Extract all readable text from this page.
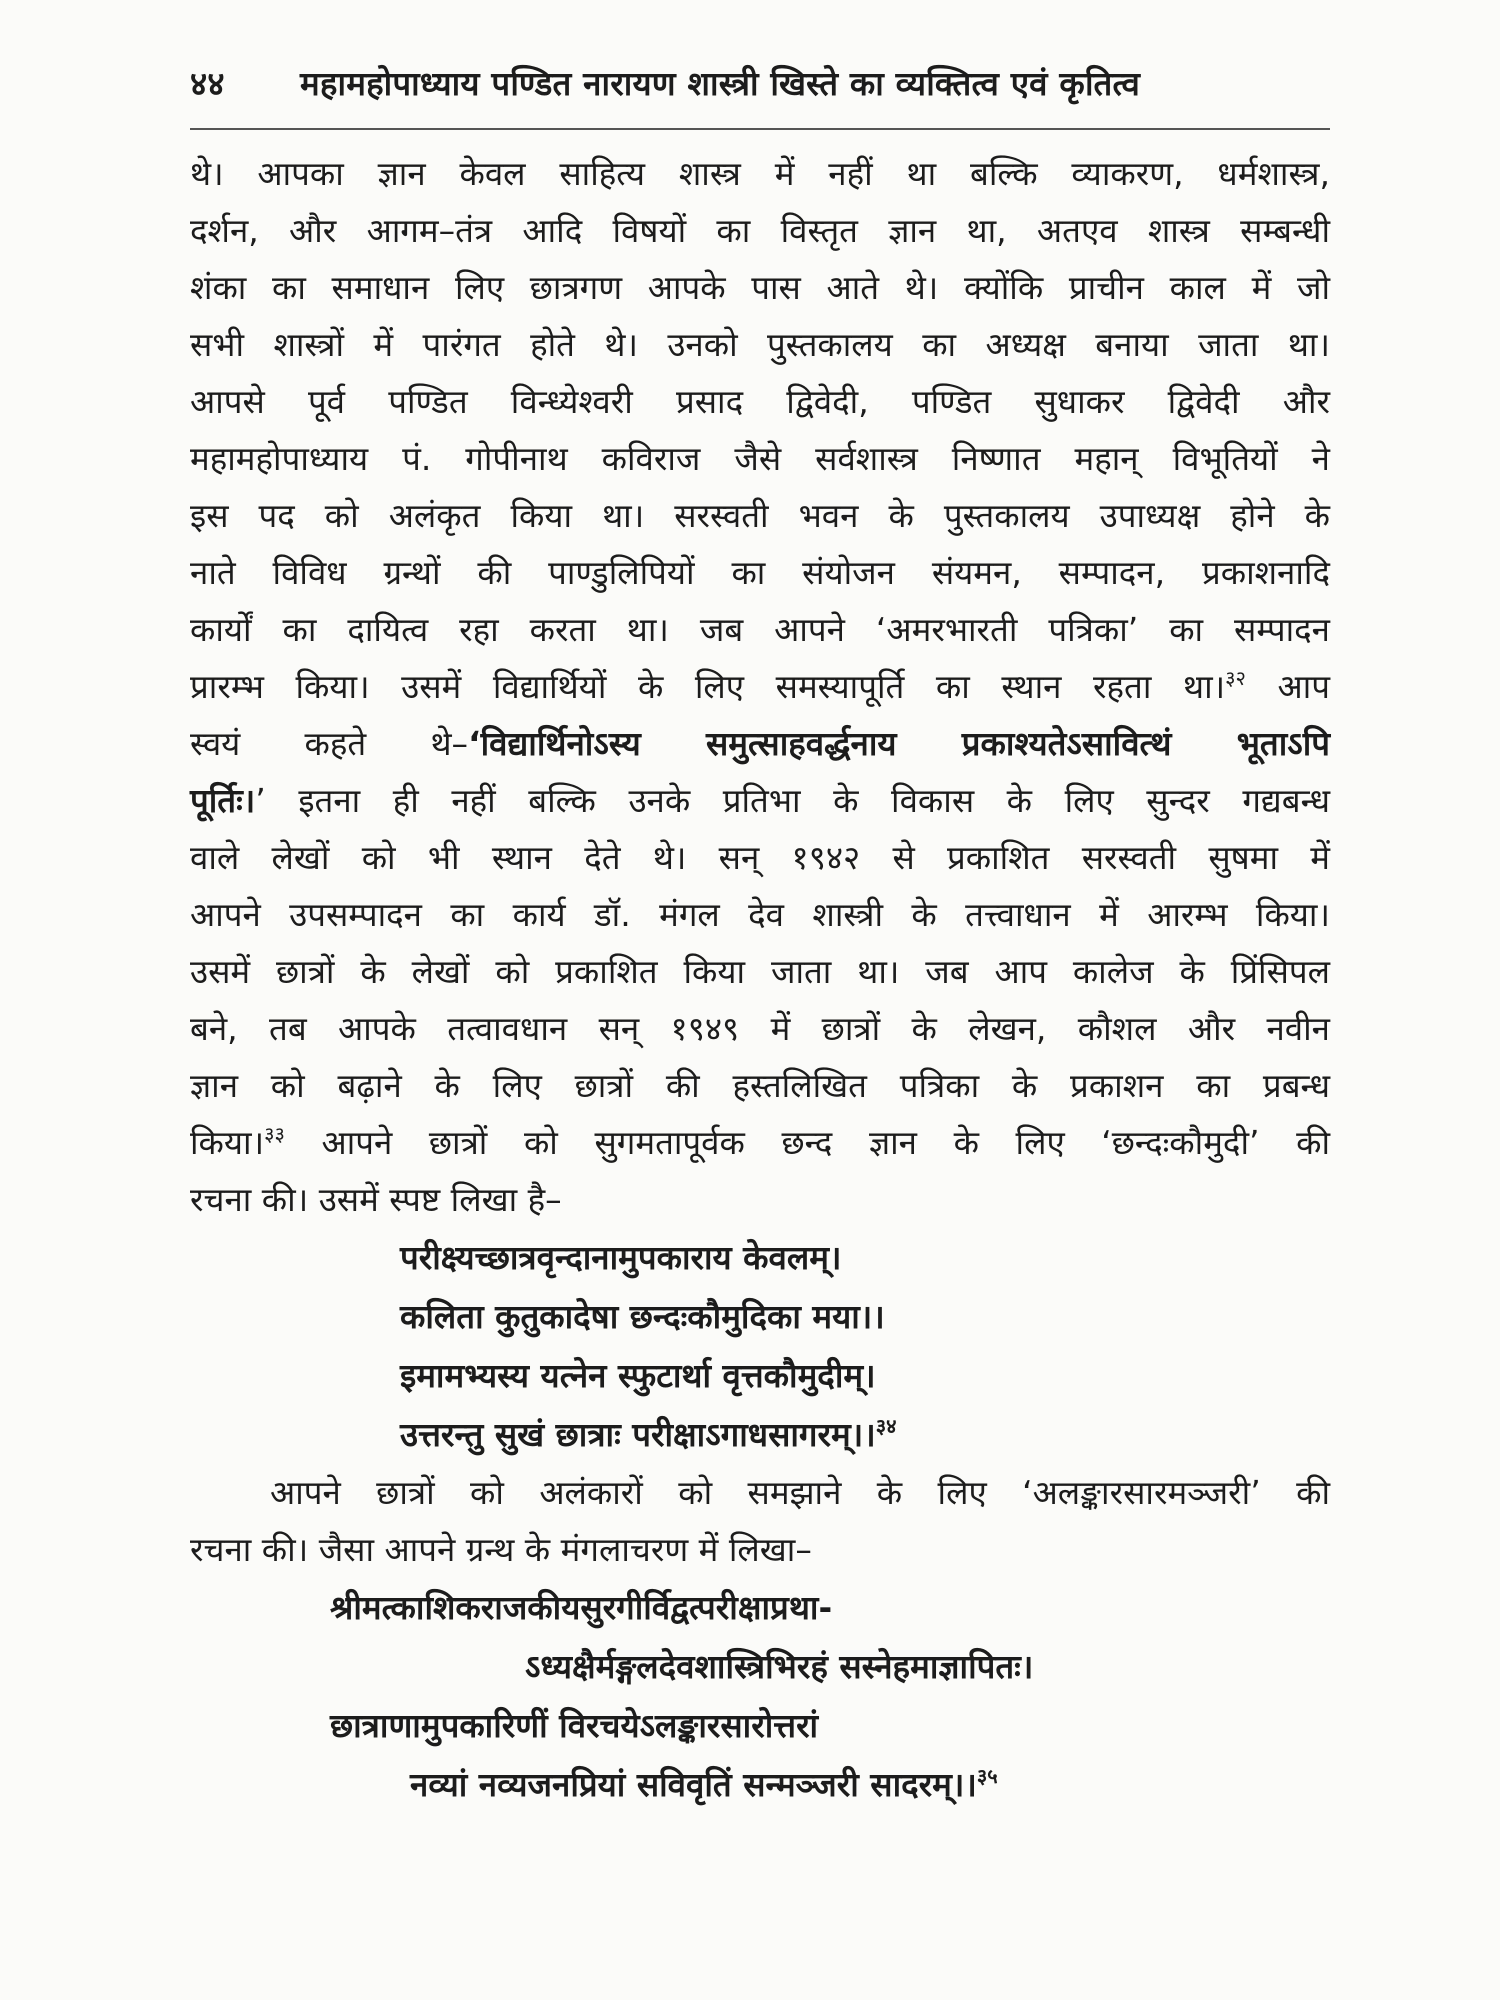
४४	महामहोपाध्याय पण्डित नारायण शास्त्री खिस्ते का व्यक्तित्व एवं कृतित्व
थे। आपका ज्ञान केवल साहित्य शास्त्र में नहीं था बल्कि व्याकरण, धर्मशास्त्र,
दर्शन, और आगम–तंत्र आदि विषयों का विस्तृत ज्ञान था, अतएव शास्त्र सम्बन्धी
शंका का समाधान लिए छात्रगण आपके पास आते थे। क्योंकि प्राचीन काल में जो
सभी शास्त्रों में पारंगत होते थे। उनको पुस्तकालय का अध्यक्ष बनाया जाता था।
आपसे पूर्व पण्डित विन्ध्येश्वरी प्रसाद द्विवेदी, पण्डित सुधाकर द्विवेदी और
महामहोपाध्याय पं. गोपीनाथ कविराज जैसे सर्वशास्त्र निष्णात महान् विभूतियों ने
इस पद को अलंकृत किया था। सरस्वती भवन के पुस्तकालय उपाध्यक्ष होने के
नाते विविध ग्रन्थों की पाण्डुलिपियों का संयोजन संयमन, सम्पादन, प्रकाशनादि
कार्यों का दायित्व रहा करता था। जब आपने ‘अमरभारती पत्रिका’ का सम्पादन
प्रारम्भ किया। उसमें विद्यार्थियों के लिए समस्यापूर्ति का स्थान रहता था।$^{३२}$ आप
स्वयं कहते थे–‘विद्यार्थिनोऽस्य समुत्साहवर्द्धनाय प्रकाश्यतेऽसावित्थं भूताऽपि
पूर्तिः।’ इतना ही नहीं बल्कि उनके प्रतिभा के विकास के लिए सुन्दर गद्यबन्ध
वाले लेखों को भी स्थान देते थे। सन् १९४२ से प्रकाशित सरस्वती सुषमा में
आपने उपसम्पादन का कार्य डॉ. मंगल देव शास्त्री के तत्त्वाधान में आरम्भ किया।
उसमें छात्रों के लेखों को प्रकाशित किया जाता था। जब आप कालेज के प्रिंसिपल
बने, तब आपके तत्वावधान सन् १९४९ में छात्रों के लेखन, कौशल और नवीन
ज्ञान को बढ़ाने के लिए छात्रों की हस्तलिखित पत्रिका के प्रकाशन का प्रबन्ध
किया।$^{३३}$ आपने छात्रों को सुगमतापूर्वक छन्द ज्ञान के लिए ‘छन्दःकौमुदी’ की
रचना की। उसमें स्पष्ट लिखा है–
परीक्ष्यच्छात्रवृन्दानामुपकाराय केवलम्।
कलिता कुतुकादेषा छन्दःकौमुदिका मया।।
इमामभ्यस्य यत्नेन स्फुटार्था वृत्तकौमुदीम्।
उत्तरन्तु सुखं छात्राः परीक्षाऽगाधसागरम्।।$^{३४}$
आपने छात्रों को अलंकारों को समझाने के लिए ‘अलङ्कारसारमञ्जरी’ की
रचना की। जैसा आपने ग्रन्थ के मंगलाचरण में लिखा–
श्रीमत्काशिकराजकीयसुरगीर्विद्वत्परीक्षाप्रथा-
ऽध्यक्षैर्मङ्गलदेवशास्त्रिभिरहं सस्नेहमाज्ञापितः।
छात्राणामुपकारिणीं विरचयेऽलङ्कारसारोत्तरां
नव्यां नव्यजनप्रियां सविवृतिं सन्मञ्जरी सादरम्।।$^{३५}$
